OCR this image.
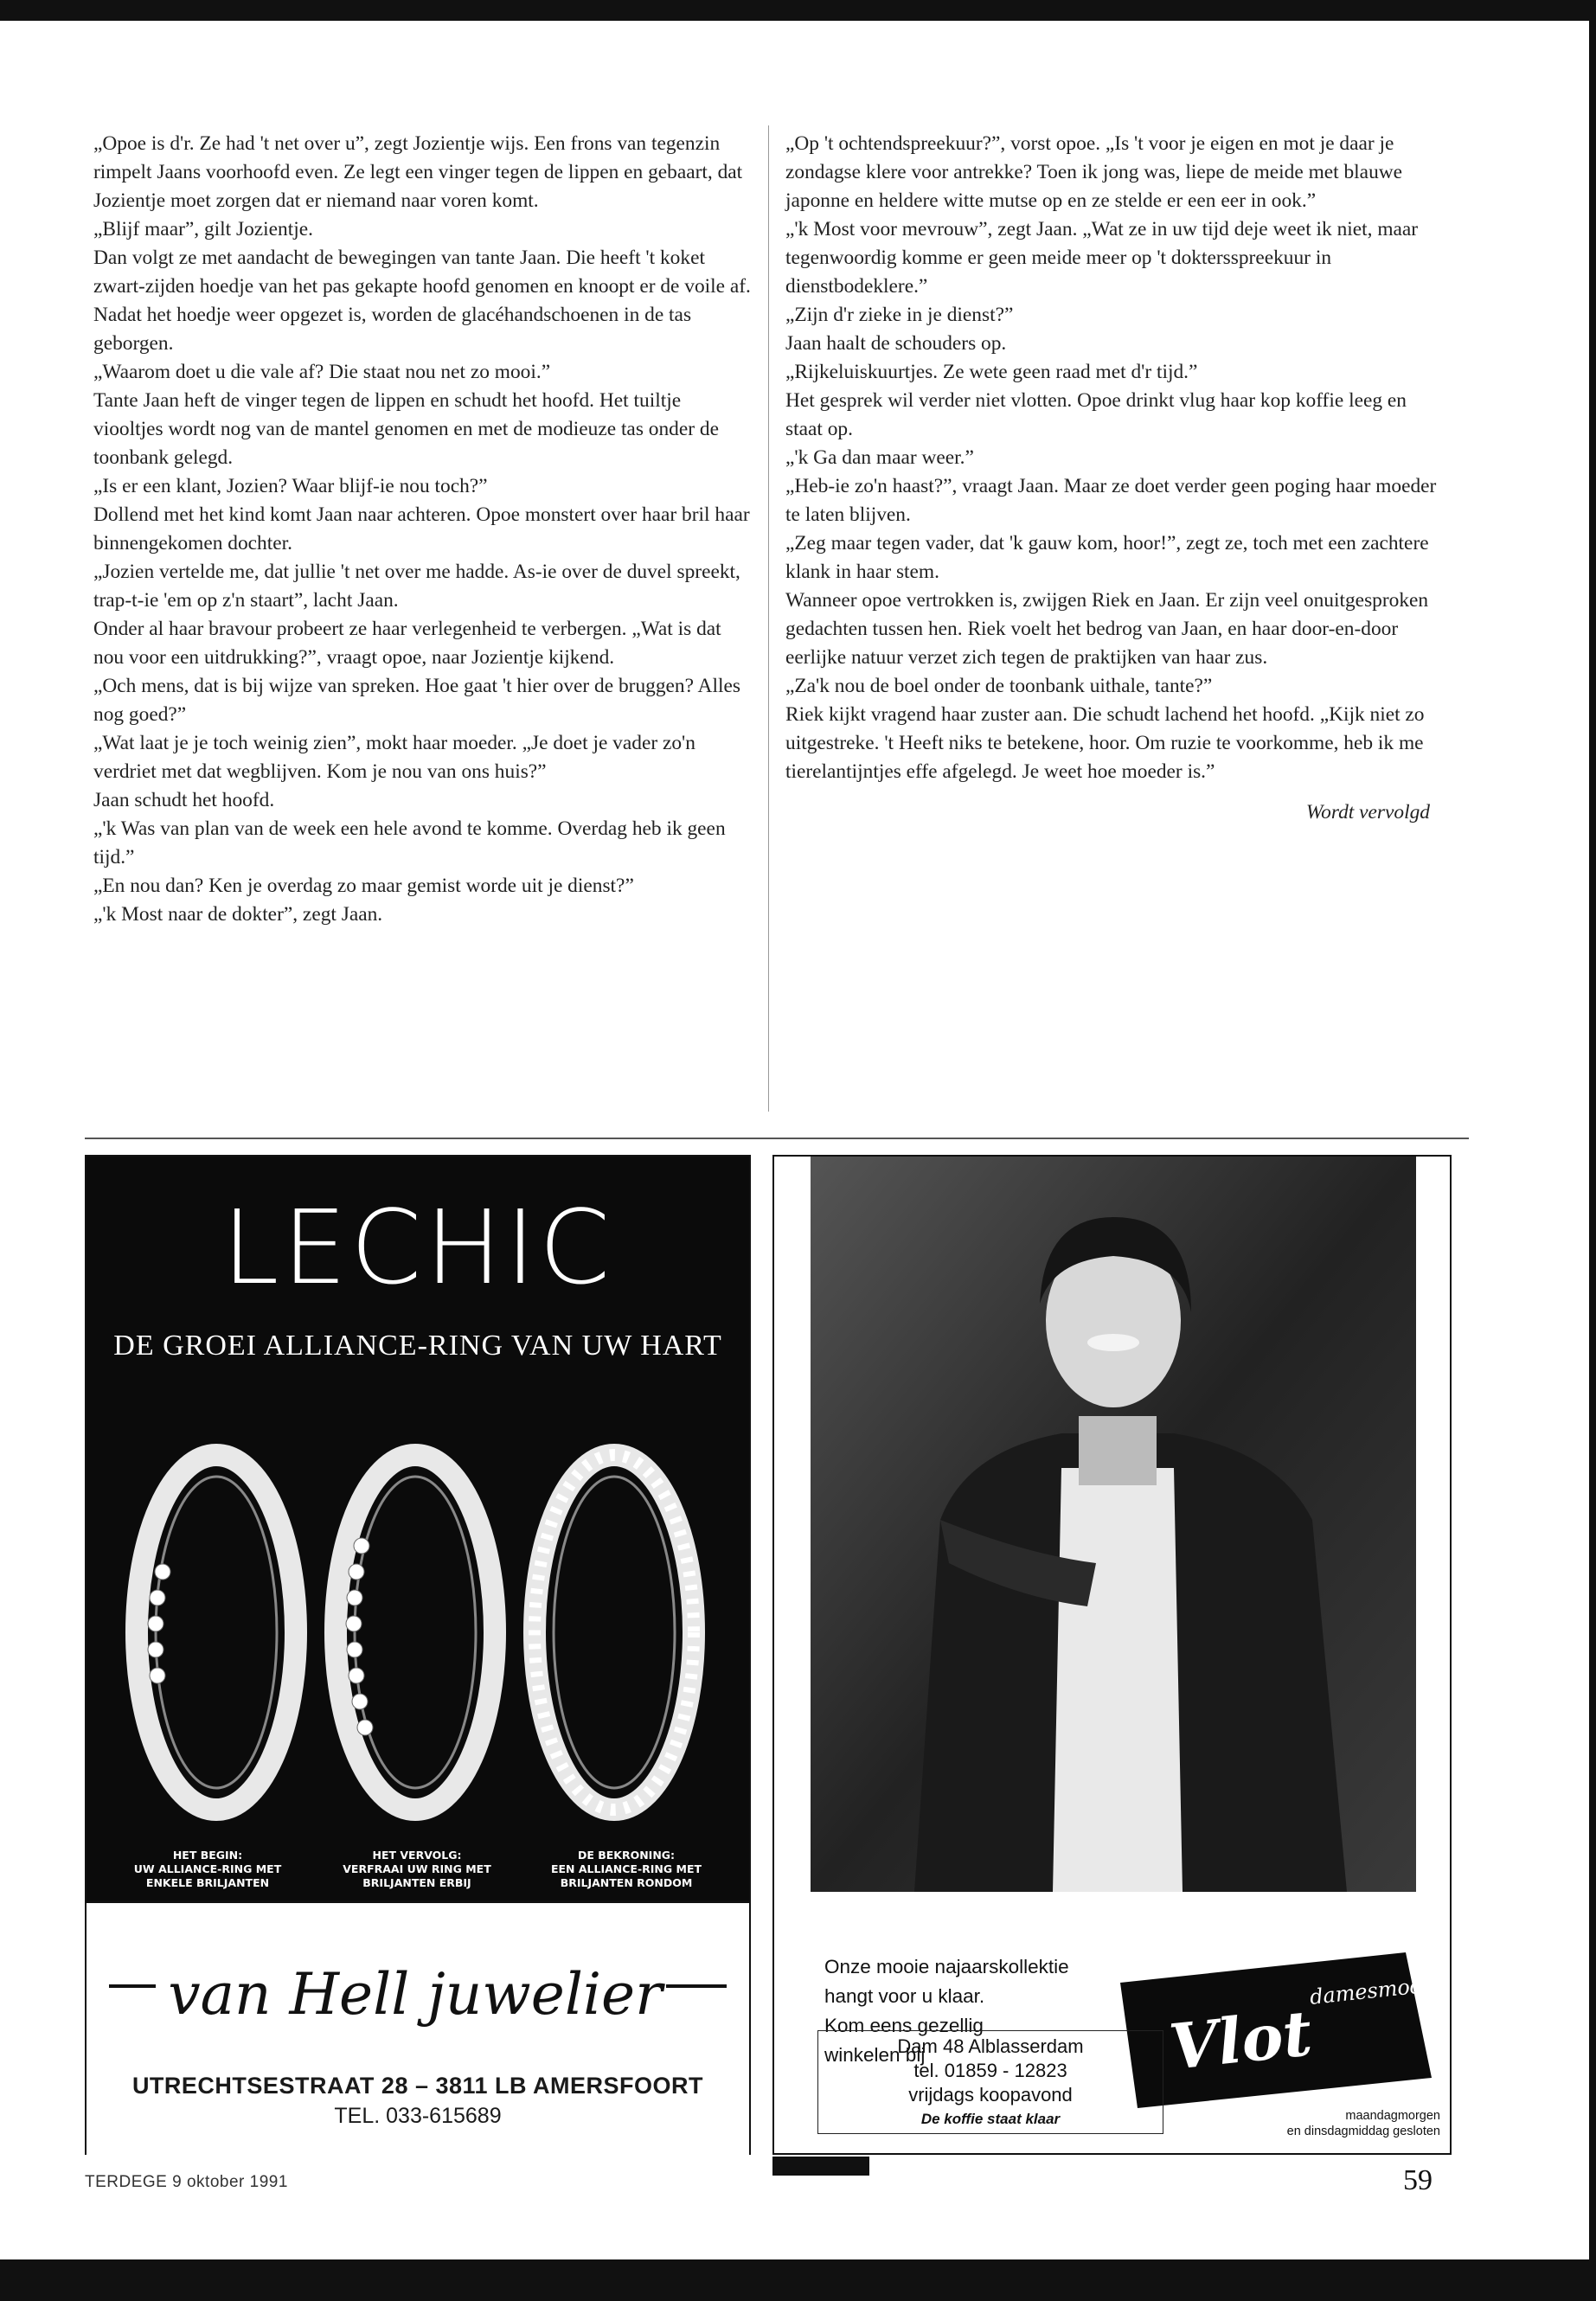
„Opoe is d'r. Ze had 't net over u”, zegt Jozientje wijs. Een frons van tegenzin rimpelt Jaans voorhoofd even. Ze legt een vinger tegen de lippen en gebaart, dat Jozientje moet zorgen dat er niemand naar voren komt.

„Blijf maar”, gilt Jozientje.

Dan volgt ze met aandacht de bewegingen van tante Jaan. Die heeft 't koket zwart-zijden hoedje van het pas gekapte hoofd genomen en knoopt er de voile af. Nadat het hoedje weer opgezet is, worden de glacéhandschoenen in de tas geborgen.

„Waarom doet u die vale af? Die staat nou net zo mooi.”

Tante Jaan heft de vinger tegen de lippen en schudt het hoofd. Het tuiltje viooltjes wordt nog van de mantel genomen en met de modieuze tas onder de toonbank gelegd.

„Is er een klant, Jozien? Waar blijf-ie nou toch?”

Dollend met het kind komt Jaan naar achteren. Opoe monstert over haar bril haar binnengekomen dochter.

„Jozien vertelde me, dat jullie 't net over me hadde. As-ie over de duvel spreekt, trap-t-ie 'em op z'n staart”, lacht Jaan.

Onder al haar bravour probeert ze haar verlegenheid te verbergen. „Wat is dat nou voor een uitdrukking?”, vraagt opoe, naar Jozientje kijkend.

„Och mens, dat is bij wijze van spreken. Hoe gaat 't hier over de bruggen? Alles nog goed?”

„Wat laat je je toch weinig zien”, mokt haar moeder. „Je doet je vader zo'n verdriet met dat wegblijven. Kom je nou van ons huis?”

Jaan schudt het hoofd.

„'k Was van plan van de week een hele avond te komme. Overdag heb ik geen tijd.”

„En nou dan? Ken je overdag zo maar gemist worde uit je dienst?”

„'k Most naar de dokter”, zegt Jaan.

„Op 't ochtendspreekuur?”, vorst opoe. „Is 't voor je eigen en mot je daar je zondagse klere voor antrekke? Toen ik jong was, liepe de meide met blauwe japonne en heldere witte mutse op en ze stelde er een eer in ook.”

„'k Most voor mevrouw”, zegt Jaan. „Wat ze in uw tijd deje weet ik niet, maar tegenwoordig komme er geen meide meer op 't doktersspreekuur in dienstbodeklere.”

„Zijn d'r zieke in je dienst?”

Jaan haalt de schouders op.

„Rijkeluiskuurtjes. Ze wete geen raad met d'r tijd.”

Het gesprek wil verder niet vlotten. Opoe drinkt vlug haar kop koffie leeg en staat op.

„'k Ga dan maar weer.”

„Heb-ie zo'n haast?”, vraagt Jaan. Maar ze doet verder geen poging haar moeder te laten blijven.

„Zeg maar tegen vader, dat 'k gauw kom, hoor!”, zegt ze, toch met een zachtere klank in haar stem.

Wanneer opoe vertrokken is, zwijgen Riek en Jaan. Er zijn veel onuitgesproken gedachten tussen hen. Riek voelt het bedrog van Jaan, en haar door-en-door eerlijke natuur verzet zich tegen de praktijken van haar zus.

„Za'k nou de boel onder de toonbank uithale, tante?”

Riek kijkt vragend haar zuster aan. Die schudt lachend het hoofd. „Kijk niet zo uitgestreke. 't Heeft niks te betekene, hoor. Om ruzie te voorkomme, heb ik me tierelantijntjes effe afgelegd. Je weet hoe moeder is.”

Wordt vervolgd

LECHIC
DE GROEI ALLIANCE-RING VAN UW HART
HET BEGIN:
UW ALLIANCE-RING MET
ENKELE BRILJANTEN
HET VERVOLG:
VERFRAAI UW RING MET
BRILJANTEN ERBIJ
DE BEKRONING:
EEN ALLIANCE-RING MET
BRILJANTEN RONDOM
van Hell juwelier
UTRECHTSESTRAAT 28 – 3811 LB AMERSFOORT
TEL. 033-615689
Onze mooie najaarskollektie
hangt voor u klaar.
Kom eens gezellig
winkelen bij
damesmode
Vlot
Dam 48 Alblasserdam
tel. 01859 - 12823
vrijdags koopavond
De koffie staat klaar	maandagmorgen
en dinsdagmiddag gesloten
TERDEGE 9 oktober 1991	59
